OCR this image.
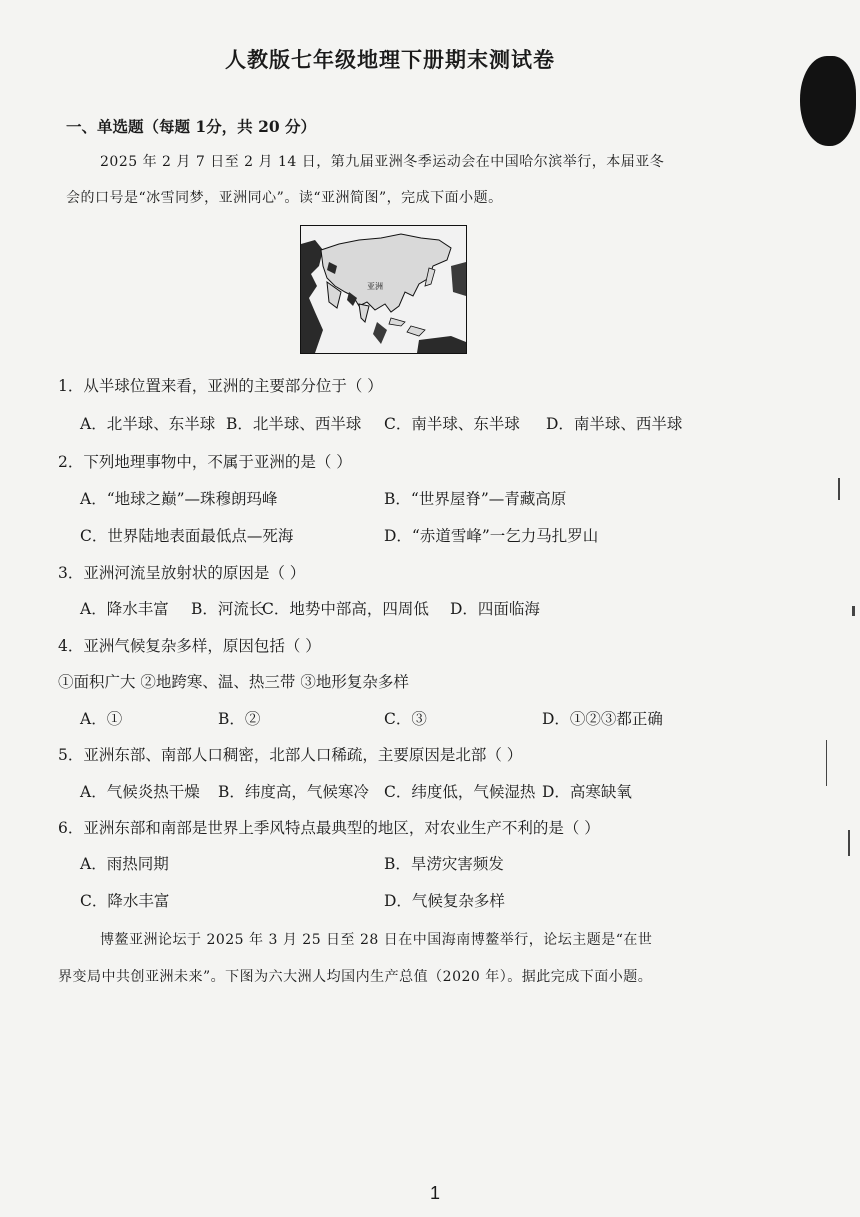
人教版七年级地理下册期末测试卷
一、单选题（每题 1分，共 20 分）
2025 年 2 月 7 日至 2 月 14 日，第九届亚洲冬季运动会在中国哈尔滨举行，本届亚冬
会的口号是“冰雪同梦，亚洲同心”。读“亚洲简图”，完成下面小题。
亚洲
1．从半球位置来看，亚洲的主要部分位于（ ）
A．北半球、东半球 B．北半球、西半球 C．南半球、东半球 D．南半球、西半球
2．下列地理事物中，不属于亚洲的是（ ）
A．“地球之巅”—珠穆朗玛峰	B．“世界屋脊”—青藏高原
C．世界陆地表面最低点—死海	D．“赤道雪峰”一乞力马扎罗山
3．亚洲河流呈放射状的原因是（ ）
A．降水丰富 B．河流长
C．地势中部高，四周低 D．四面临海
4．亚洲气候复杂多样，原因包括（ ）
①面积广大 ②地跨寒、温、热三带 ③地形复杂多样
A．①	B．②	C．③	D．①②③都正确
5．亚洲东部、南部人口稠密，北部人口稀疏，主要原因是北部（ ）
A．气候炎热干燥 B．纬度高，气候寒冷 C．纬度低，气候湿热 D．高寒缺氧
6．亚洲东部和南部是世界上季风特点最典型的地区，对农业生产不利的是（ ）
A．雨热同期	B．旱涝灾害频发
C．降水丰富	D．气候复杂多样
博鳌亚洲论坛于 2025 年 3 月 25 日至 28 日在中国海南博鳌举行，论坛主题是“在世
界变局中共创亚洲未来”。下图为六大洲人均国内生产总值（2020 年）。据此完成下面小题。
1
